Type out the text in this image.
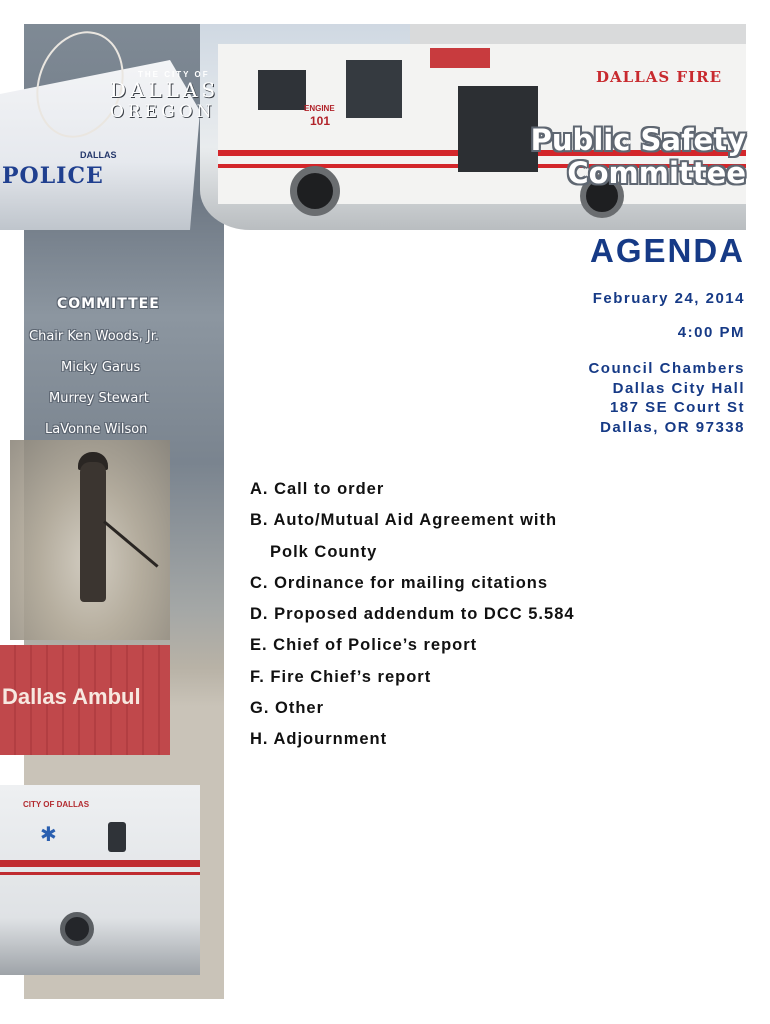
DALLAS
POLICE
Dallas Ambul
CITY OF DALLAS
✱
COMMITTEE
Chair Ken Woods, Jr.
Micky Garus
Murrey Stewart
LaVonne Wilson
ENGINE
101
DALLAS FIRE
THE CITY OF
DALLAS
OREGON
Public Safety
Committee
AGENDA
February 24, 2014
4:00 PM
Council Chambers
Dallas City Hall
187 SE Court St
Dallas, OR 97338
A. Call to order
B. Auto/Mutual Aid Agreement with
Polk County
C. Ordinance for mailing citations
D. Proposed addendum to DCC 5.584
E. Chief of Police’s report
F. Fire Chief’s report
G. Other
H. Adjournment
